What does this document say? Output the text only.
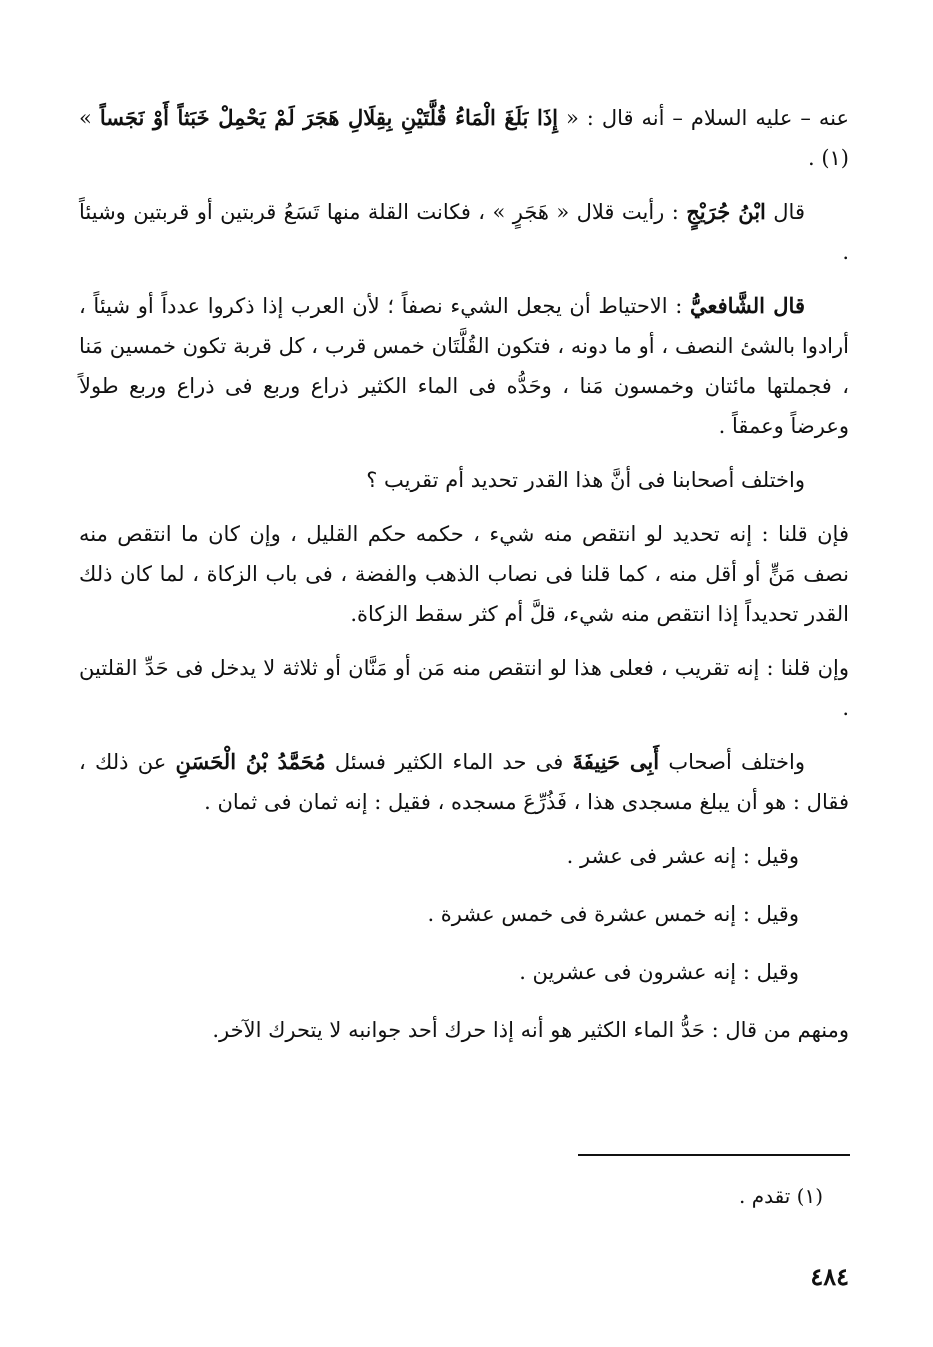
عنه – عليه السلام – أنه قال : « إِذَا بَلَغَ الْمَاءُ قُلَّتَيْنِ بِقِلَالِ هَجَرَ لَمْ يَحْمِلْ خَبَثاً أَوْ نَجَساً » (١) .

قال ابْنُ جُرَيْجٍ : رأيت قلال « هَجَرٍ » ، فكانت القلة منها تَسَعُ قربتين أو قربتين وشيئاً .

قال الشَّافعيُّ : الاحتياط أن يجعل الشيء نصفاً ؛ لأن العرب إذا ذكروا عدداً أو شيئاً ، أرادوا بالشئ النصف ، أو ما دونه ، فتكون القُلَّتَان خمس قرب ، كل قربة تكون خمسين مَنا ، فجملتها مائتان وخمسون مَنا ، وحَدُّه فى الماء الكثير ذراع وربع فى ذراع وربع طولاً وعرضاً وعمقاً .

واختلف أصحابنا فى أنَّ هذا القدر تحديد أم تقريب ؟

فإن قلنا : إنه تحديد لو انتقص منه شيء ، حكمه حكم القليل ، وإن كان ما انتقص منه نصف مَنٍّ أو أقل منه ، كما قلنا فى نصاب الذهب والفضة ، فى باب الزكاة ، لما كان ذلك القدر تحديداً إذا انتقص منه شيء، قلَّ أم كثر سقط الزكاة.

وإن قلنا : إنه تقريب ، فعلى هذا لو انتقص منه مَن أو مَنَّان أو ثلاثة لا يدخل فى حَدِّ القلتين .

واختلف أصحاب أَبِى حَنِيفَةَ فى حد الماء الكثير فسئل مُحَمَّدُ بْنُ الْحَسَنِ عن ذلك ، فقال : هو أن يبلغ مسجدى هذا ، فَذُرِّعَ مسجده ، فقيل : إنه ثمان فى ثمان .

وقيل : إنه عشر فى عشر .

وقيل : إنه خمس عشرة فى خمس عشرة .

وقيل : إنه عشرون فى عشرين .

ومنهم من قال : حَدُّ الماء الكثير هو أنه إذا حرك أحد جوانبه لا يتحرك الآخر.

(١) تقدم .
٤٨٤
